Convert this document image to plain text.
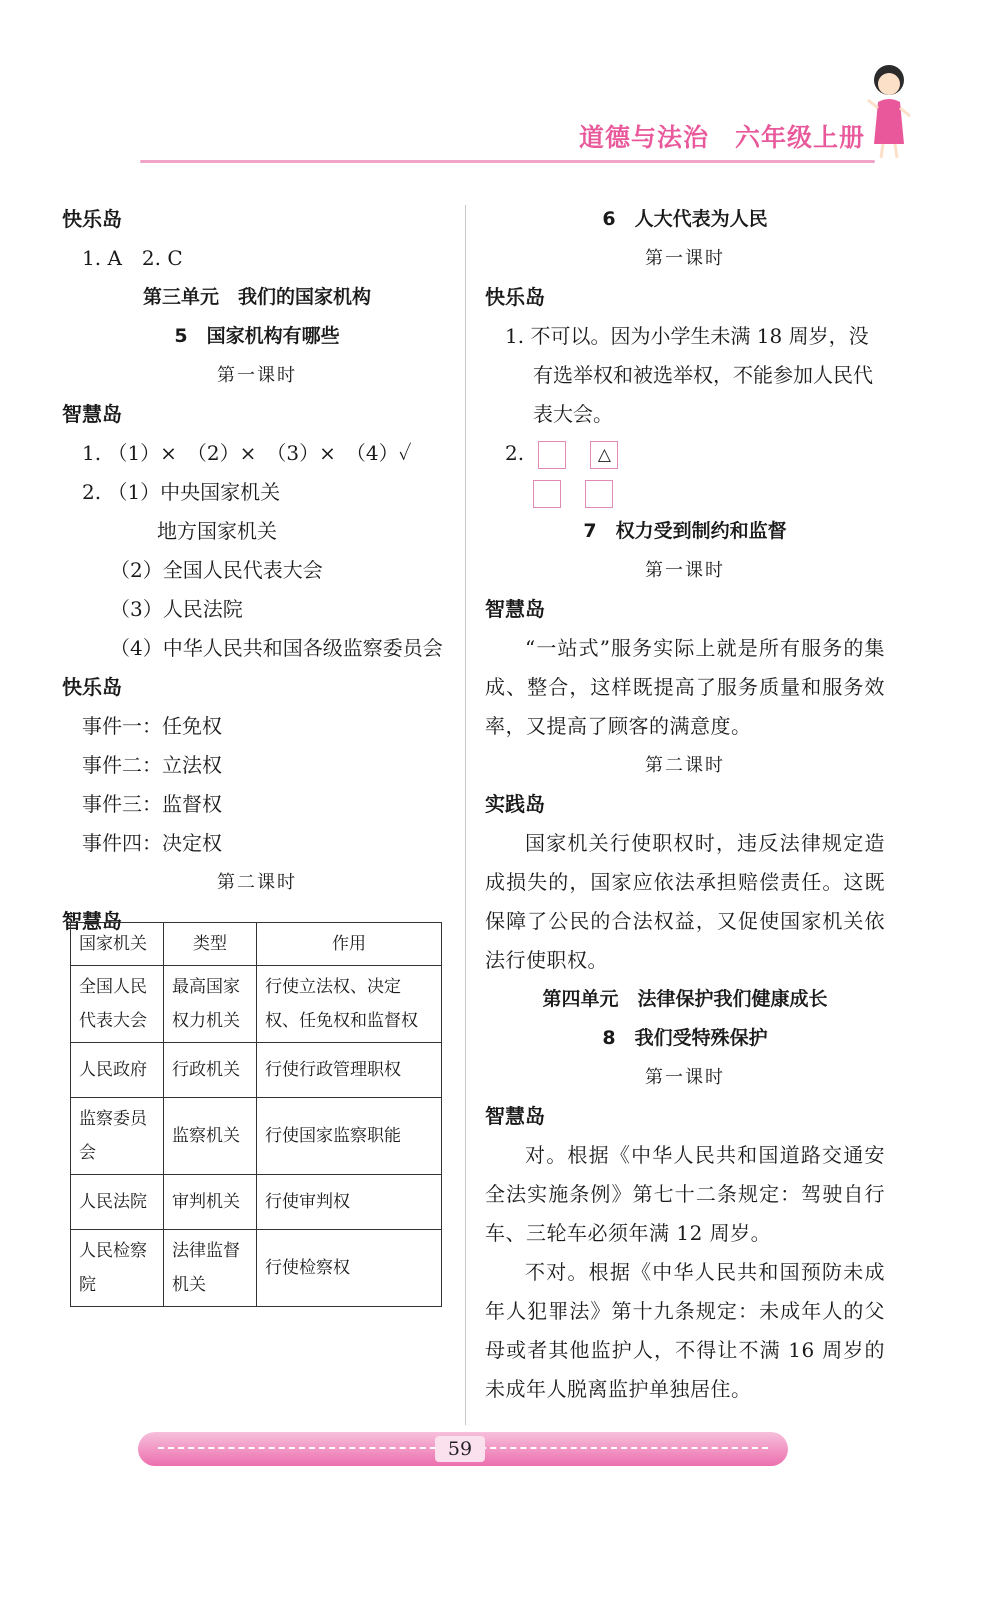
道德与法治 六年级上册
快乐岛
1. A　2. C
第三单元　我们的国家机构
5　国家机构有哪些
第一课时
智慧岛
1. （1）×　（2）×　（3）×　（4）✓
2. （1）中央国家机关
地方国家机关
（2）全国人民代表大会
（3）人民法院
（4）中华人民共和国各级监察委员会
快乐岛
事件一：任免权
事件二：立法权
事件三：监督权
事件四：决定权
第二课时
智慧岛
国家机关	类型	作用
全国人民代表大会	最高国家权力机关	行使立法权、决定权、任免权和监督权
人民政府	行政机关	行使行政管理职权
监察委员会	监察机关	行使国家监察职能
人民法院	审判机关	行使审判权
人民检察院	法律监督机关	行使检察权
6　人大代表为人民
第一课时
快乐岛
1. 不可以。因为小学生未满 18 周岁，没有选举权和被选举权，不能参加人民代表大会。
2.	△
7　权力受到制约和监督
第一课时
智慧岛
“一站式”服务实际上就是所有服务的集成、整合，这样既提高了服务质量和服务效率，又提高了顾客的满意度。
第二课时
实践岛
国家机关行使职权时，违反法律规定造成损失的，国家应依法承担赔偿责任。这既保障了公民的合法权益，又促使国家机关依法行使职权。
第四单元　法律保护我们健康成长
8　我们受特殊保护
第一课时
智慧岛
对。根据《中华人民共和国道路交通安全法实施条例》第七十二条规定：驾驶自行车、三轮车必须年满 12 周岁。
不对。根据《中华人民共和国预防未成年人犯罪法》第十九条规定：未成年人的父母或者其他监护人，不得让不满 16 周岁的未成年人脱离监护单独居住。
59
